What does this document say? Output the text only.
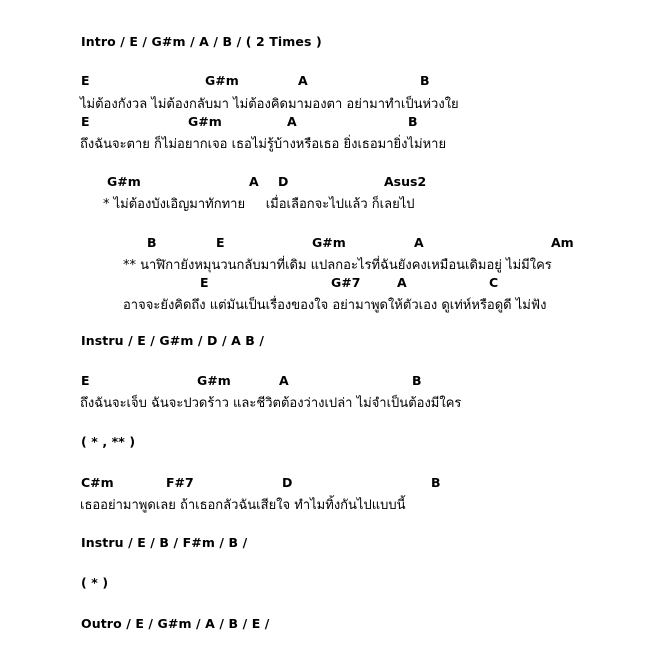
Intro / E / G#m / A / B / ( 2 Times )
E	G#m	A	B
ไม่ต้องกังวล ไม่ต้องกลับมา ไม่ต้องคิดมามองตา อย่ามาทำเป็นห่วงใย
E	G#m	A	B
ถึงฉันจะตาย ก็ไม่อยากเจอ เธอไม่รู้บ้างหรือเธอ ยิ่งเธอมายิ่งไม่หาย
G#m	A D	Asus2
* ไม่ต้องบังเอิญมาทักทาย     เมื่อเลือกจะไปแล้ว ก็เลยไป
B	E	G#m	A	Am
** นาฬิกายังหมุนวนกลับมาที่เดิม แปลกอะไรที่ฉันยังคงเหมือนเดิมอยู่ ไม่มีใคร
E	G#7	A	C
อาจจะยังคิดถึง แต่มันเป็นเรื่องของใจ อย่ามาพูดให้ตัวเอง ดูเท่ห์หรือดูดี ไม่ฟัง
Instru / E / G#m / D / A B /
E	G#m	A	B
ถึงฉันจะเจ็บ ฉันจะปวดร้าว และชีวิตต้องว่างเปล่า ไม่จำเป็นต้องมีใคร
( * , ** )
C#m	F#7	D	B
เธออย่ามาพูดเลย ถ้าเธอกลัวฉันเสียใจ ทำไมทิ้งกันไปแบบนี้
Instru / E / B / F#m / B /
( * )
Outro / E / G#m / A / B / E /
